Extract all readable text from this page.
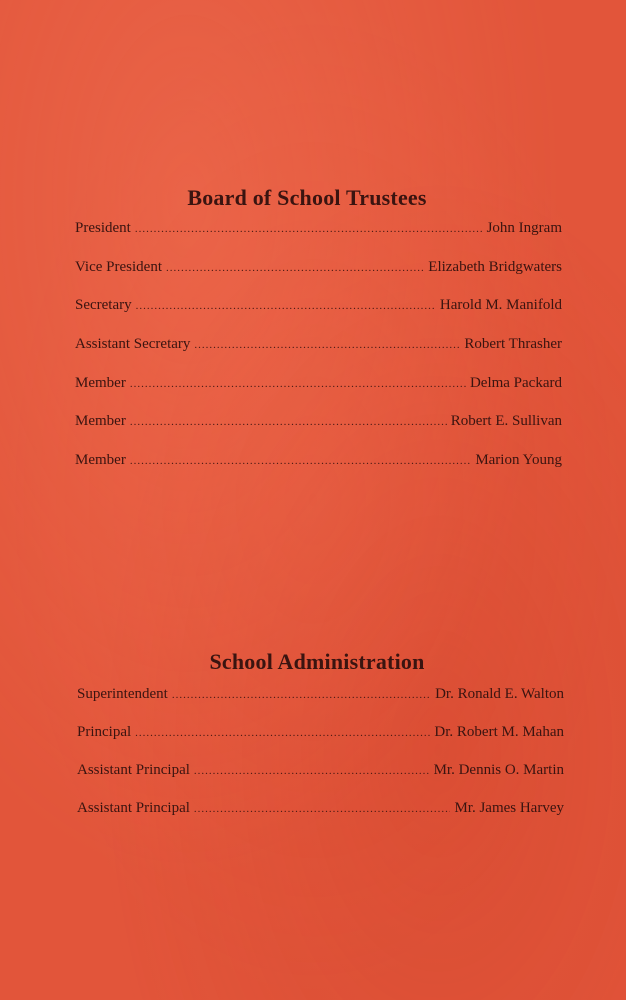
Board of School Trustees
President .....	John Ingram
Vice President .....	Elizabeth Bridgwaters
Secretary .....	Harold M. Manifold
Assistant Secretary .....	Robert Thrasher
Member .....	Delma Packard
Member .....	Robert E. Sullivan
Member .....	Marion Young
School Administration
Superintendent .....	Dr. Ronald E. Walton
Principal .....	Dr. Robert M. Mahan
Assistant Principal .....	Mr. Dennis O. Martin
Assistant Principal .....	Mr. James Harvey
